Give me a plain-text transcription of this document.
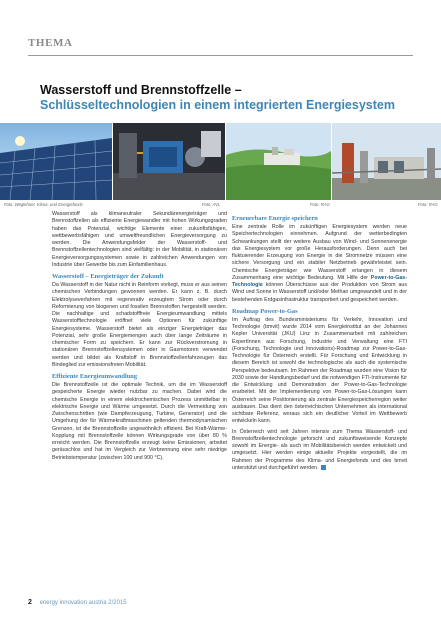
THEMA
Wasserstoff und Brennstoffzelle –
Schlüsseltechnologien in einem integrierten Energiesystem
Foto: Weglehner, Klima- und Energiefonds	Foto: AVL	Foto: RAG	Foto: RAG

Wasserstoff als klimaneutraler Sekundärenergieträger und Brennstoffzellen als effiziente Energiewandler mit hohen Wirkungsgraden haben das Potenzial, wichtige Elemente einer zukunftsfähigen, wettbewerbsfähigen und umweltfreundlichen Energieversorgung zu werden. Die Anwendungsfelder der Wasserstoff- und Brennstoffzellentechnologien sind vielfältig: in der Mobilität, in stationären Energieversorgungssystemen sowie in zahlreichen Anwendungen von Industrie über Gewerbe bis zum Einfamilienhaus.

Wasserstoff – Energieträger der Zukunft

Da Wasserstoff in der Natur nicht in Reinform vorliegt, muss er aus seinen chemischen Verbindungen gewonnen werden. Er kann z. B. durch Elektrolyseverfahren mit regenerativ erzeugtem Strom oder durch Reformierung von biogenen und fossilen Brennstoffen hergestellt werden. Die nachhaltige und schadstofffreie Energieumwandlung mittels Wasserstofftechnologie eröffnet viele Optionen für zukünftige Energiesysteme. Wasserstoff bietet als einziger Energieträger das Potenzial, sehr große Energiemengen auch über lange Zeiträume in chemischer Form zu speichern. Er kann zur Rückverstromung in stationären Brennstoffzellensystemen oder in Gasmotoren verwendet werden und bildet als Kraftstoff in Brennstoffzellenfahrzeugen das Bindeglied zur emissionsfreien Mobilität.

Effiziente Energieumwandlung

Die Brennstoffzelle ist die optimale Technik, um die im Wasserstoff gespeicherte Energie wieder nutzbar zu machen. Dabei wird die chemische Energie in einem elektrochemischen Prozess unmittelbar in elektrische Energie und Wärme umgesetzt. Durch die Vermeidung von Zwischenschritten (wie Dampferzeugung, Turbine, Generator) und die Umgehung der für Wärmekraftmaschinen geltenden thermodynamischen Grenzen, ist die Brennstoffzelle ungewöhnlich effizient. Bei Kraft-Wärme-Kopplung mit Brennstoffzelle können Wirkungsgrade von über 80 % erreicht werden. Die Brennstoffzelle erzeugt keine Emissionen, arbeitet geräuschlos und hat im Vergleich zur Verbrennung eine sehr niedrige Betriebstemperatur (zwischen 100 und 900 °C).

Erneuerbare Energie speichern

Eine zentrale Rolle im zukünftigen Energiesystem werden neue Speichertechnologien einnehmen. Aufgrund der wetterbedingten Schwankungen stellt der weitere Ausbau von Wind- und Sonnenenergie das Energiesystem vor große Herausforderungen. Denn auch bei fluktuierender Erzeugung von Energie in die Stromnetze müssen eine sichere Versorgung und ein stabiler Netzbetrieb gewährleistet sein. Chemische Energieträger wie Wasserstoff erlangen in diesem Zusammenhang eine wichtige Bedeutung. Mit Hilfe der Power-to-Gas-Technologie können Überschüsse aus der Produktion von Strom aus Wind und Sonne in Wasserstoff und/oder Methan umgewandelt und in der bestehenden Erdgasinfrastruktur transportiert und gespeichert werden.

Roadmap Power-to-Gas

Im Auftrag des Bundesministeriums für Verkehr, Innovation und Technologie (bmvit) wurde 2014 vom Energieinstitut an der Johannes Kepler Universität (JKU) Linz in Zusammenarbeit mit zahlreichen ExpertInnen aus Forschung, Industrie und Verwaltung eine FTI (Forschung, Technologie und Innovations)-Roadmap zur Power-to-Gas-Technologie für Österreich erstellt. Für Forschung und Entwicklung in diesem Bereich ist sowohl die technologische als auch die systemische Perspektive bedeutsam. Im Rahmen der Roadmap wurden eine Vision für 2030 sowie der Handlungsbedarf und die notwendigen FTI-Instrumente für die Entwicklung und Demonstration der Power-to-Gas-Technologie erarbeitet. Mit der Implementierung von Power-to-Gas-Lösungen kann Österreich seine Positionierung als zentrale Energiespeicherregion weiter ausbauen. Das dient den österreichischen Unternehmen als international sichtbare Referenz, woraus sich ein deutlicher Vorteil im Wettbewerb entwickeln kann.

In Österreich wird seit Jahren intensiv zum Thema Wasserstoff- und Brennstoffzellentechnologie geforscht und zukunftsweisende Konzepte sowohl im Energie- als auch im Mobilitätsbereich werden entwickelt und umgesetzt. Hier werden einige aktuelle Projekte vorgestellt, die im Rahmen der Programme des Klima- und Energiefonds und des bmvit unterstützt und durchgeführt werden.

2 energy innovation austria 2/2015
